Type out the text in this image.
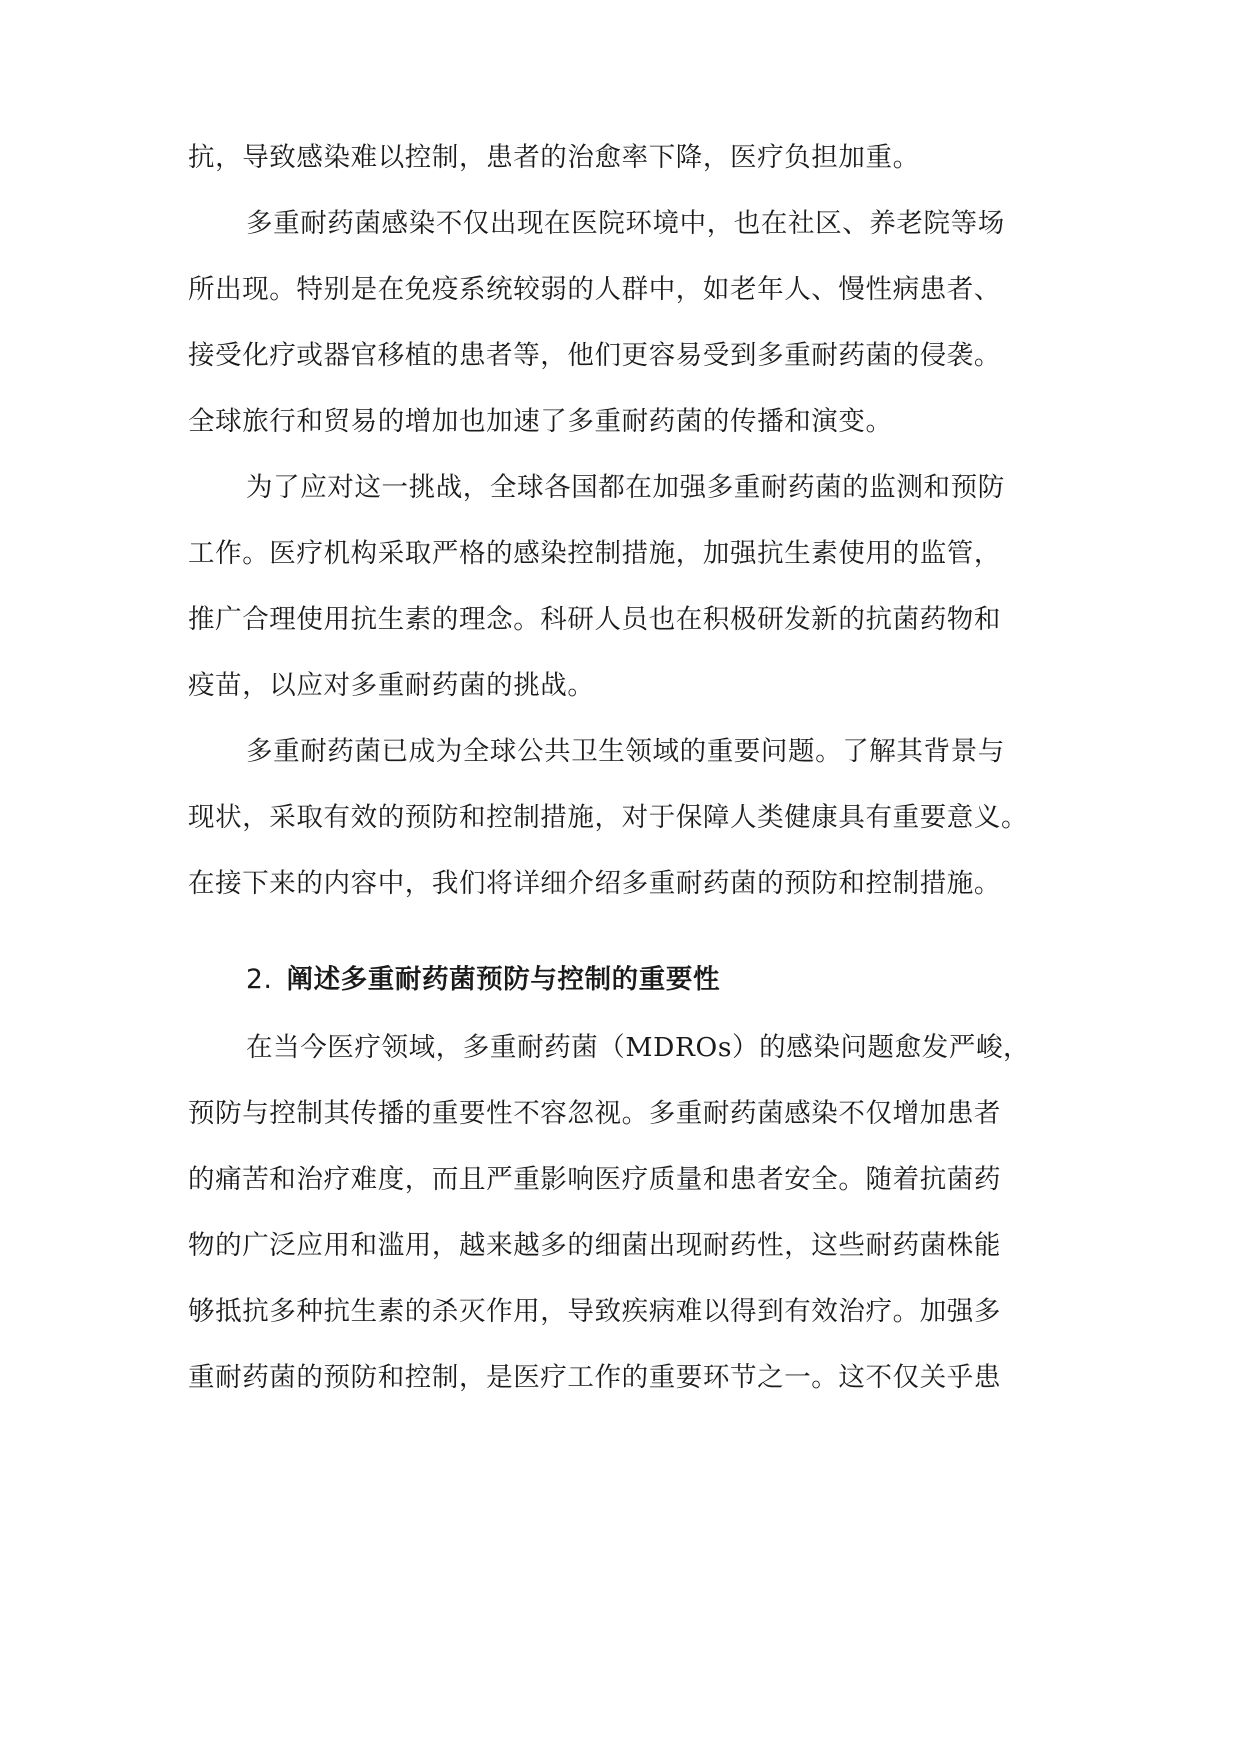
抗，导致感染难以控制，患者的治愈率下降，医疗负担加重。
多重耐药菌感染不仅出现在医院环境中，也在社区、养老院等场
所出现。特别是在免疫系统较弱的人群中，如老年人、慢性病患者、
接受化疗或器官移植的患者等，他们更容易受到多重耐药菌的侵袭。
全球旅行和贸易的增加也加速了多重耐药菌的传播和演变。
为了应对这一挑战，全球各国都在加强多重耐药菌的监测和预防
工作。医疗机构采取严格的感染控制措施，加强抗生素使用的监管，
推广合理使用抗生素的理念。科研人员也在积极研发新的抗菌药物和
疫苗，以应对多重耐药菌的挑战。
多重耐药菌已成为全球公共卫生领域的重要问题。了解其背景与
现状，采取有效的预防和控制措施，对于保障人类健康具有重要意义。
在接下来的内容中，我们将详细介绍多重耐药菌的预防和控制措施。
2. 阐述多重耐药菌预防与控制的重要性
在当今医疗领域，多重耐药菌（MDROs）的感染问题愈发严峻，
预防与控制其传播的重要性不容忽视。多重耐药菌感染不仅增加患者
的痛苦和治疗难度，而且严重影响医疗质量和患者安全。随着抗菌药
物的广泛应用和滥用，越来越多的细菌出现耐药性，这些耐药菌株能
够抵抗多种抗生素的杀灭作用，导致疾病难以得到有效治疗。加强多
重耐药菌的预防和控制，是医疗工作的重要环节之一。这不仅关乎患
